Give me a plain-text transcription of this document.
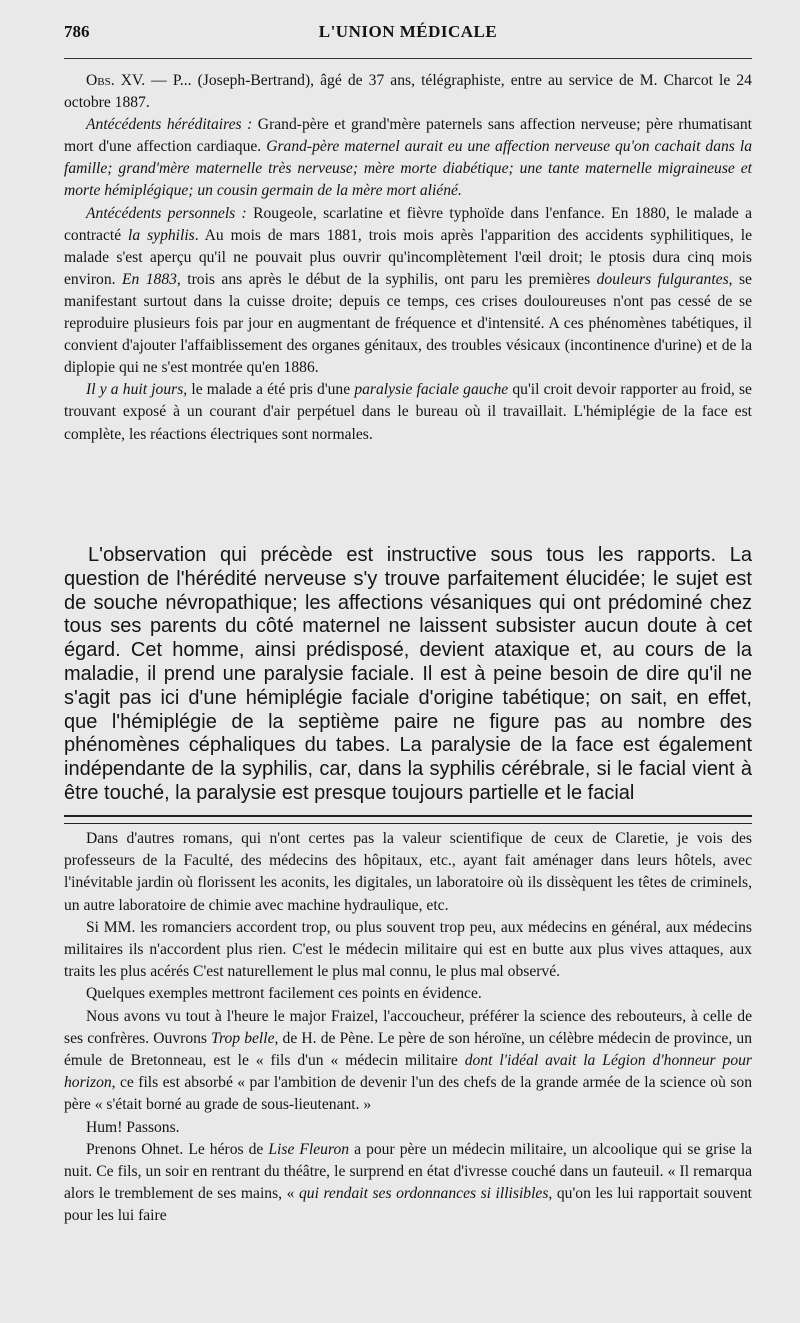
786	L'UNION MÉDICALE

Obs. XV. — P... (Joseph-Bertrand), âgé de 37 ans, télégraphiste, entre au service de M. Charcot le 24 octobre 1887.

Antécédents héréditaires : Grand-père et grand'mère paternels sans affection nerveuse; père rhumatisant mort d'une affection cardiaque. Grand-père maternel aurait eu une affection nerveuse qu'on cachait dans la famille; grand'mère maternelle très nerveuse; mère morte diabétique; une tante maternelle migraineuse et morte hémiplégique; un cousin germain de la mère mort aliéné.

Antécédents personnels : Rougeole, scarlatine et fièvre typhoïde dans l'enfance. En 1880, le malade a contracté la syphilis. Au mois de mars 1881, trois mois après l'apparition des accidents syphilitiques, le malade s'est aperçu qu'il ne pouvait plus ouvrir qu'incomplètement l'œil droit; le ptosis dura cinq mois environ. En 1883, trois ans après le début de la syphilis, ont paru les premières douleurs fulgurantes, se manifestant surtout dans la cuisse droite; depuis ce temps, ces crises douloureuses n'ont pas cessé de se reproduire plusieurs fois par jour en augmentant de fréquence et d'intensité. A ces phénomènes tabétiques, il convient d'ajouter l'affaiblissement des organes génitaux, des troubles vésicaux (incontinence d'urine) et de la diplopie qui ne s'est montrée qu'en 1886.

Il y a huit jours, le malade a été pris d'une paralysie faciale gauche qu'il croit devoir rapporter au froid, se trouvant exposé à un courant d'air perpétuel dans le bureau où il travaillait. L'hémiplégie de la face est complète, les réactions électriques sont normales.

L'observation qui précède est instructive sous tous les rapports. La question de l'hérédité nerveuse s'y trouve parfaitement élucidée; le sujet est de souche névropathique; les affections vésaniques qui ont prédominé chez tous ses parents du côté maternel ne laissent subsister aucun doute à cet égard. Cet homme, ainsi prédisposé, devient ataxique et, au cours de la maladie, il prend une paralysie faciale. Il est à peine besoin de dire qu'il ne s'agit pas ici d'une hémiplégie faciale d'origine tabétique; on sait, en effet, que l'hémiplégie de la septième paire ne figure pas au nombre des phénomènes céphaliques du tabes. La paralysie de la face est également indépendante de la syphilis, car, dans la syphilis cérébrale, si le facial vient à être touché, la paralysie est presque toujours partielle et le facial

Dans d'autres romans, qui n'ont certes pas la valeur scientifique de ceux de Claretie, je vois des professeurs de la Faculté, des médecins des hôpitaux, etc., ayant fait aménager dans leurs hôtels, avec l'inévitable jardin où florissent les aconits, les digitales, un laboratoire où ils dissèquent les têtes de criminels, un autre laboratoire de chimie avec machine hydraulique, etc.

Si MM. les romanciers accordent trop, ou plus souvent trop peu, aux médecins en général, aux médecins militaires ils n'accordent plus rien. C'est le médecin militaire qui est en butte aux plus vives attaques, aux traits les plus acérés C'est naturellement le plus mal connu, le plus mal observé.

Quelques exemples mettront facilement ces points en évidence.

Nous avons vu tout à l'heure le major Fraizel, l'accoucheur, préférer la science des rebouteurs, à celle de ses confrères. Ouvrons Trop belle, de H. de Pène. Le père de son héroïne, un célèbre médecin de province, un émule de Bretonneau, est le « fils d'un « médecin militaire dont l'idéal avait la Légion d'honneur pour horizon, ce fils est absorbé « par l'ambition de devenir l'un des chefs de la grande armée de la science où son père « s'était borné au grade de sous-lieutenant. »

Hum! Passons.

Prenons Ohnet. Le héros de Lise Fleuron a pour père un médecin militaire, un alcoolique qui se grise la nuit. Ce fils, un soir en rentrant du théâtre, le surprend en état d'ivresse couché dans un fauteuil. « Il remarqua alors le tremblement de ses mains, « qui rendait ses ordonnances si illisibles, qu'on les lui rapportait souvent pour les lui faire
